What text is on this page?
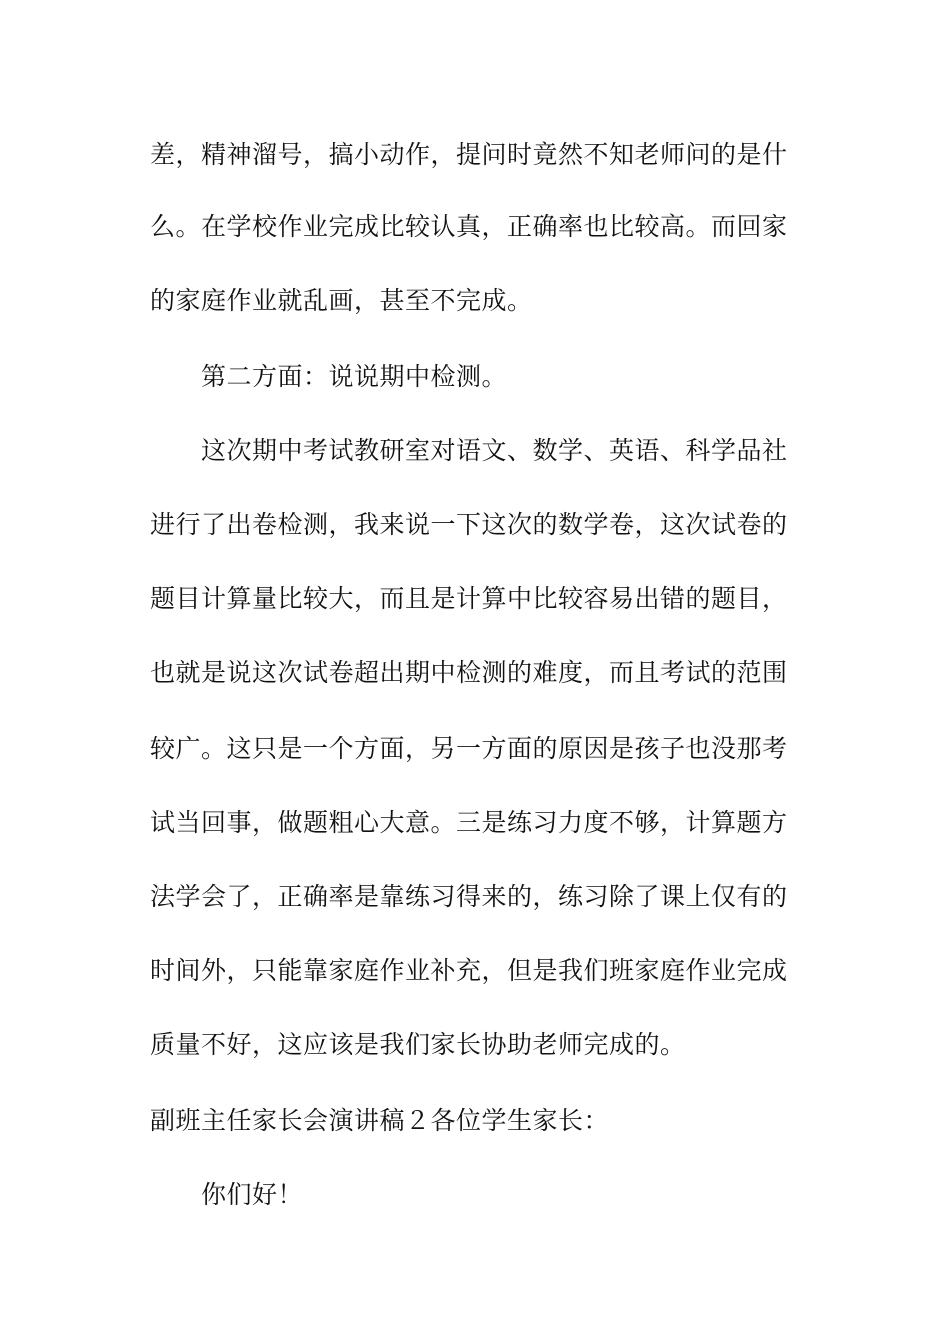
差，精神溜号，搞小动作，提问时竟然不知老师问的是什
么。在学校作业完成比较认真，正确率也比较高。而回家
的家庭作业就乱画，甚至不完成。
第二方面：说说期中检测。
这次期中考试教研室对语文、数学、英语、科学品社
进行了出卷检测，我来说一下这次的数学卷，这次试卷的
题目计算量比较大，而且是计算中比较容易出错的题目，
也就是说这次试卷超出期中检测的难度，而且考试的范围
较广。这只是一个方面，另一方面的原因是孩子也没那考
试当回事，做题粗心大意。三是练习力度不够，计算题方
法学会了，正确率是靠练习得来的，练习除了课上仅有的
时间外，只能靠家庭作业补充，但是我们班家庭作业完成
质量不好，这应该是我们家长协助老师完成的。
副班主任家长会演讲稿２各位学生家长：
你们好！
